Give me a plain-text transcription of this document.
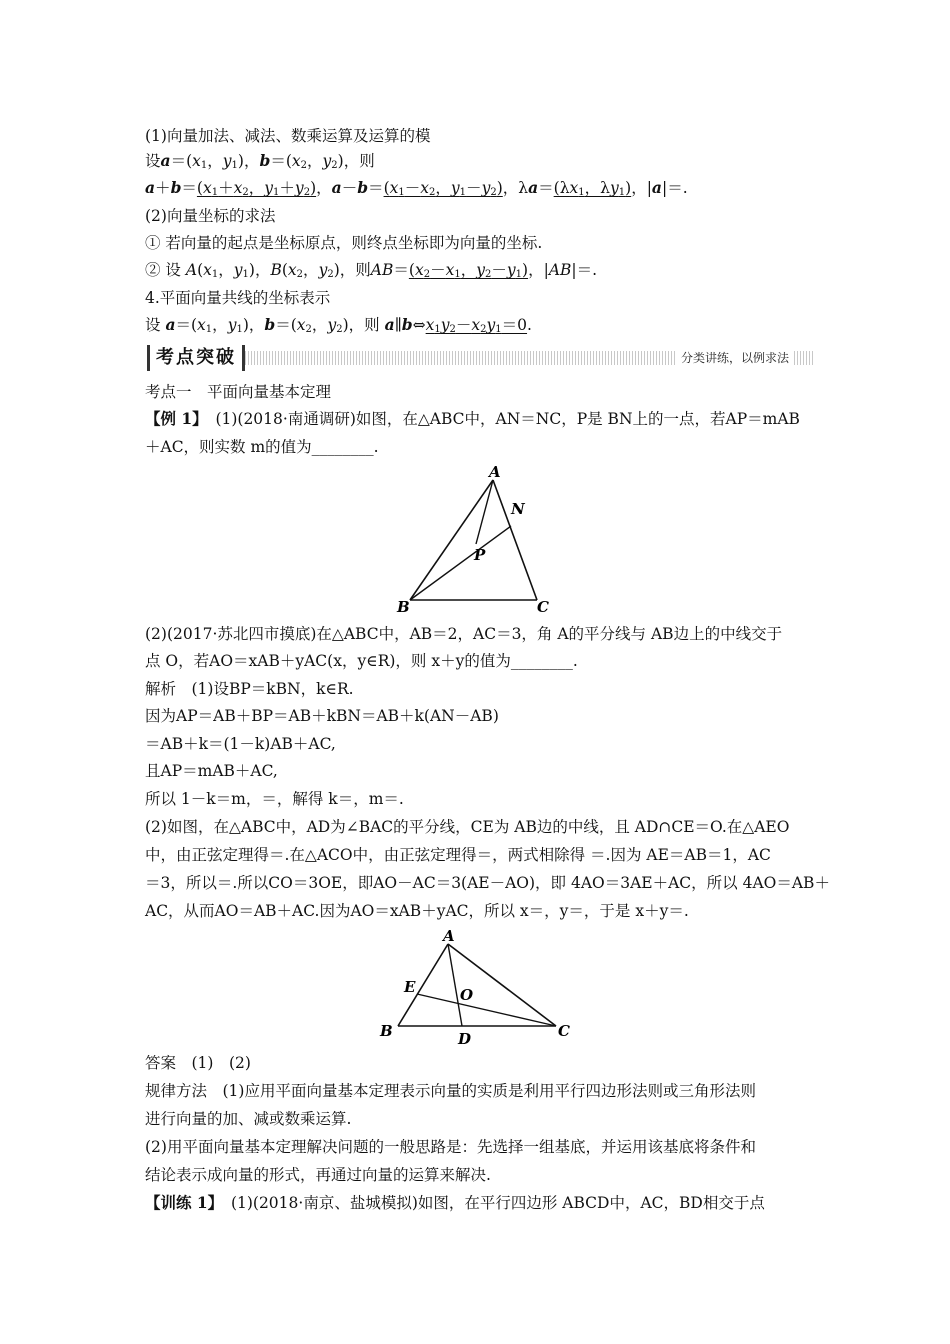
(1)向量加法、减法、数乘运算及运算的模
设$a=(x_1$，$y_1$)，$b=(x_2$，$y_2$)，则
$a+b=(x_1+x_2$，$y_1+y_2$)，$a-b=(x_1-x_2$，$y_1-y_2$)，$\lambda a=(\lambda x_1$，$\lambda y_1$)，|a|＝.
(2)向量坐标的求法
① 若向量的起点是坐标原点，则终点坐标即为向量的坐标.
② 设 $A(x_1$，$y_1$)，$B(x_2$，$y_2$)，则$AB=(x_2-x_1$，$y_2-y_1$)，|AB|＝.
4.平面向量共线的坐标表示
设 $a=(x_1$，$y_1$)，$b=(x_2$，$y_2$)，则 $a\parallel b\Leftrightarrow x_1y_2-x_2y_1=0$.
考点突破	分类讲练，以例求法
考点一　平面向量基本定理
【例 1】　(1)(2018·南通调研)如图，在△ABC中，AN＝NC，P是 BN上的一点，若AP＝mAB
＋AC，则实数 m的值为________.
A
N
P
B	C
(2)(2017·苏北四市摸底)在△ABC中，AB＝2，AC＝3，角 A的平分线与 AB边上的中线交于
点 O，若AO＝xAB＋yAC(x，y∈R)，则 x＋y的值为________.
解析　(1)设BP＝kBN，k∈R.
因为AP＝AB＋BP＝AB＋kBN＝AB＋k(AN－AB)
＝AB＋k＝(1－k)AB＋AC,
且AP＝mAB＋AC,
所以 1－k＝m，＝，解得 k＝，m＝.
(2)如图，在△ABC中，AD为∠BAC的平分线，CE为 AB边的中线，且 AD∩CE＝O.在△AEO
中，由正弦定理得＝.在△ACO中，由正弦定理得＝，两式相除得 ＝.因为 AE＝AB＝1，AC
＝3，所以＝.所以CO＝3OE，即AO－AC＝3(AE－AO)，即 4AO＝3AE＋AC，所以 4AO＝AB＋
AC，从而AO＝AB＋AC.因为AO＝xAB＋yAC，所以 x＝，y＝，于是 x＋y＝.
A
E	O
B	D	C
答案　(1)　(2)
规律方法　(1)应用平面向量基本定理表示向量的实质是利用平行四边形法则或三角形法则
进行向量的加、减或数乘运算.
(2)用平面向量基本定理解决问题的一般思路是：先选择一组基底，并运用该基底将条件和
结论表示成向量的形式，再通过向量的运算来解决.
【训练 1】　(1)(2018·南京、盐城模拟)如图，在平行四边形 ABCD中，AC，BD相交于点
